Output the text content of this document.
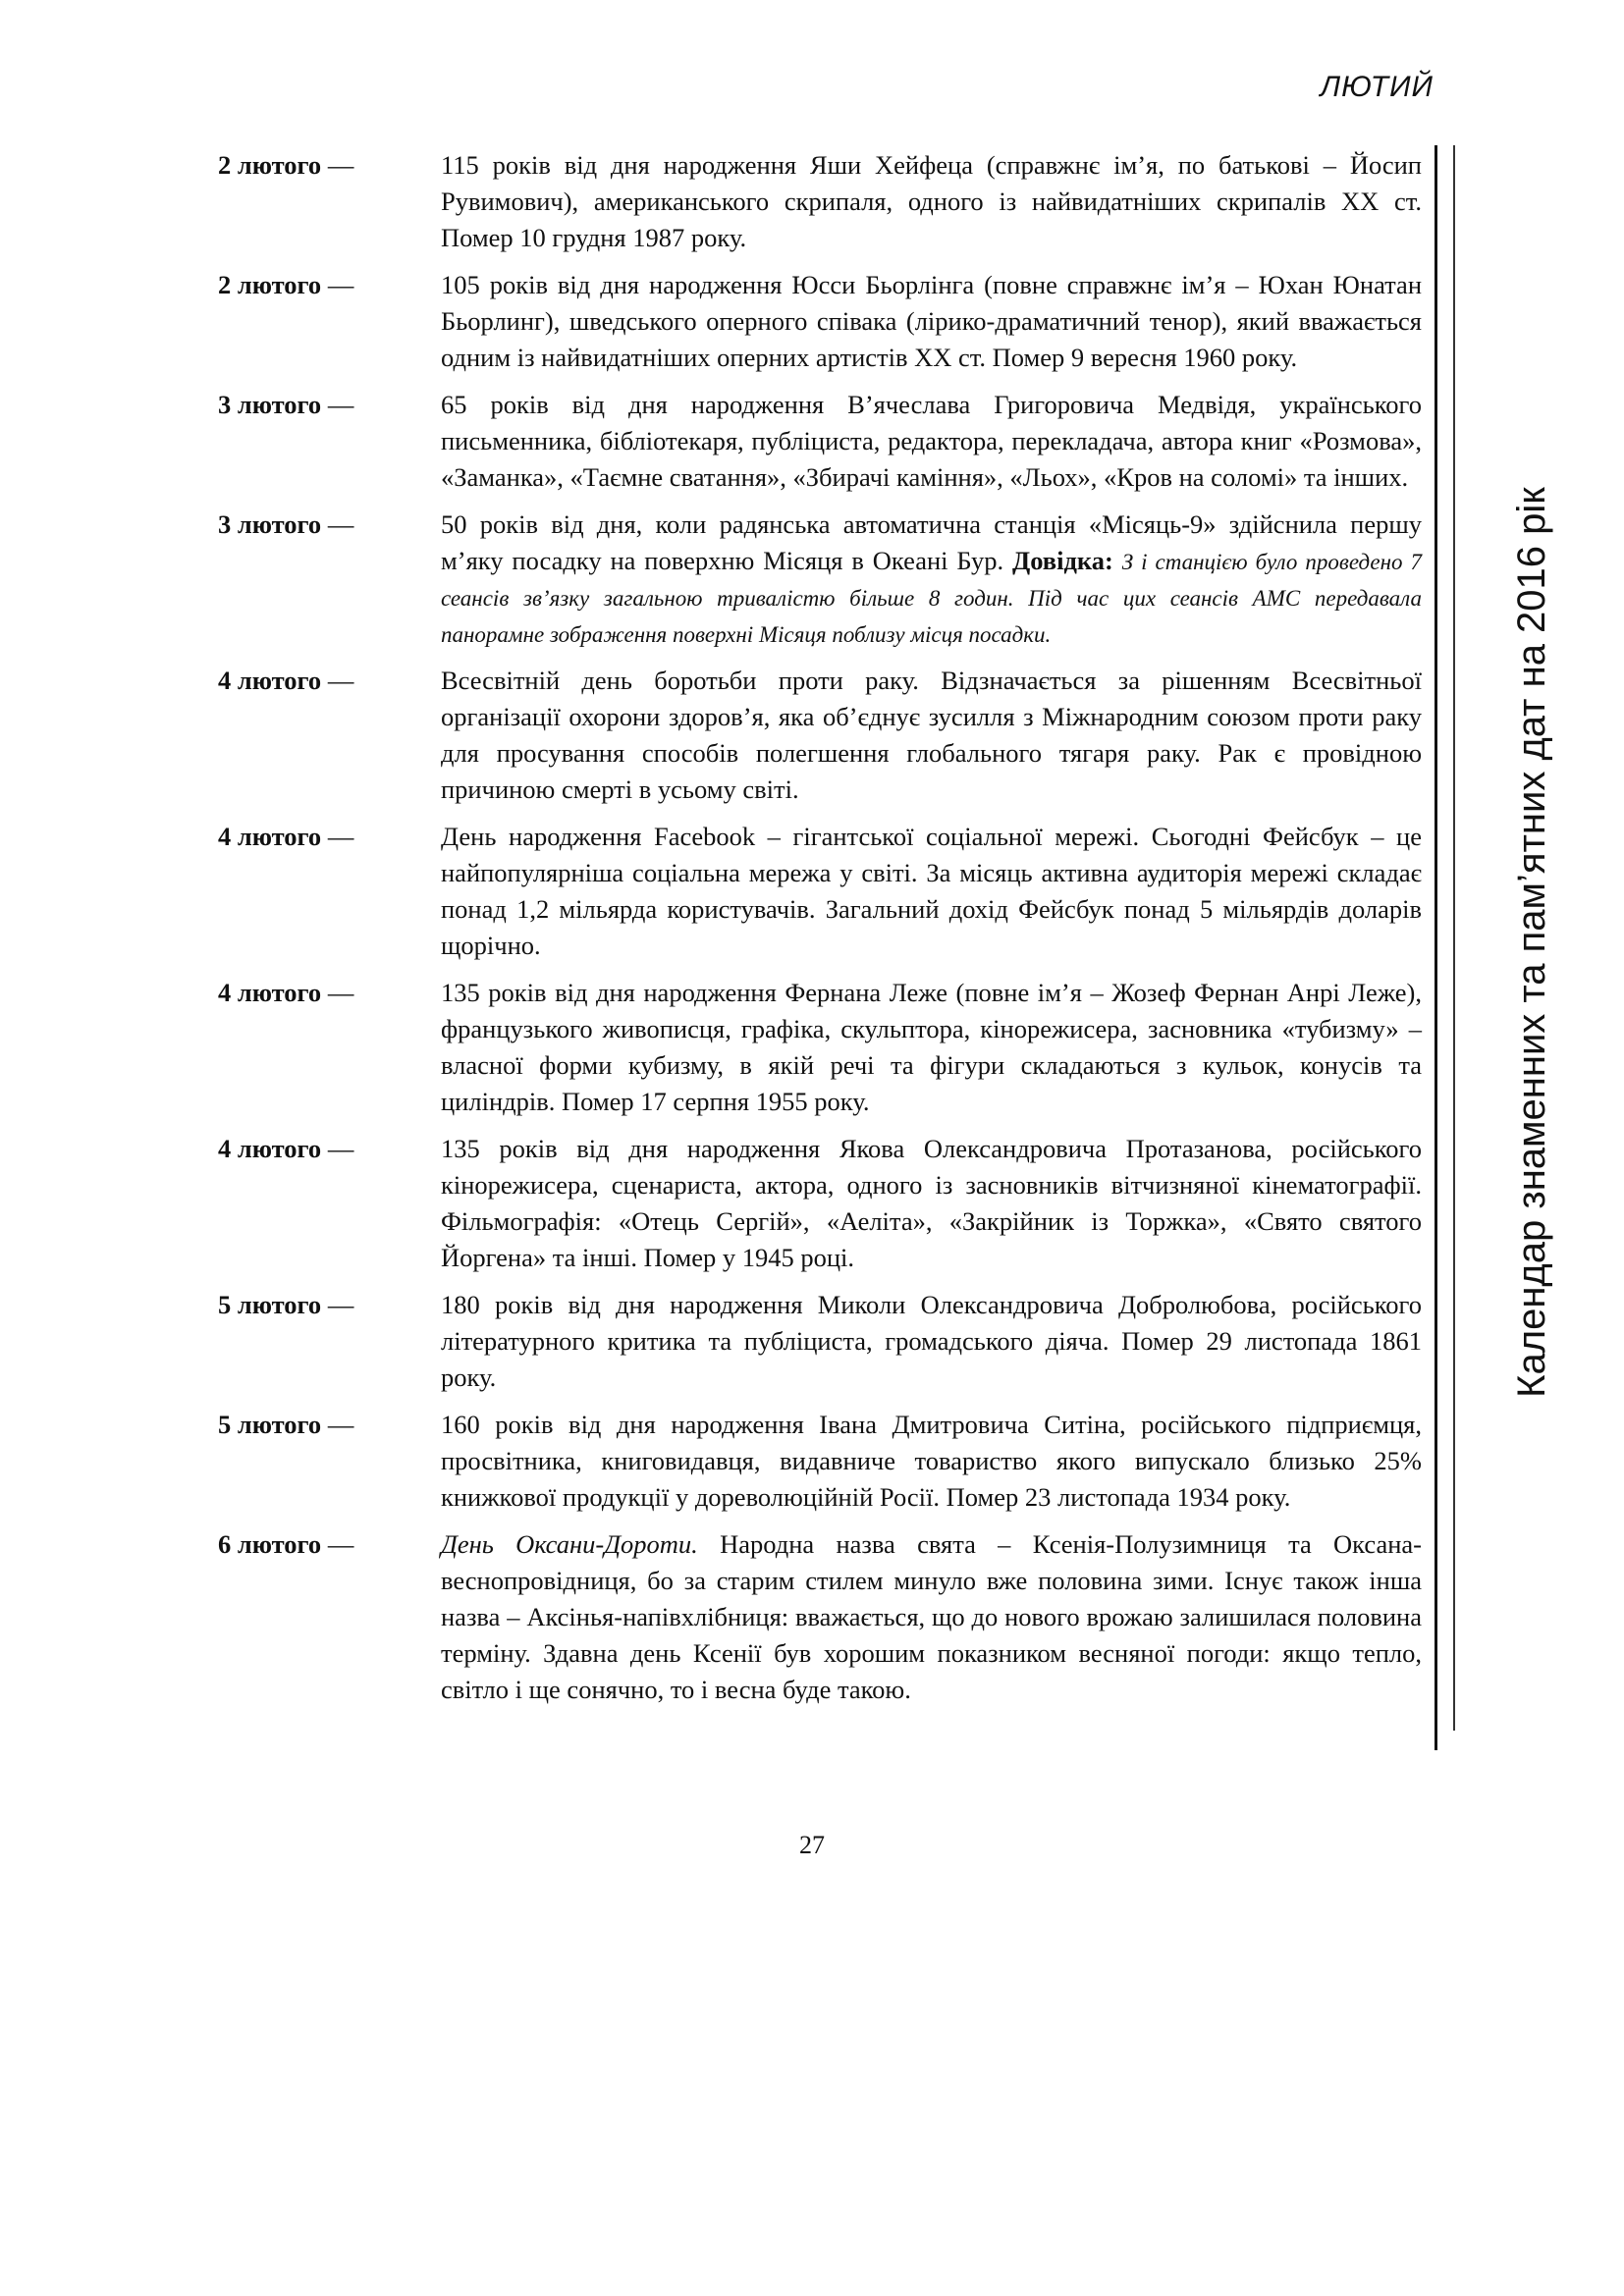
ЛЮТИЙ
2 лютого —	115 років від дня народження Яши Хейфеца (справжнє ім’я, по батькові – Йосип Рувимович), американського скрипаля, одного із найвидатніших скрипалів XX ст. Помер 10 грудня 1987 року.
2 лютого —	105 років від дня народження Юсси Бьорлінга (повне справжнє ім’я – Юхан Юнатан Бьорлинг), шведського оперного співака (лірико-драматичний тенор), який вважається одним із найвидатніших оперних артистів XX ст. Помер 9 вересня 1960 року.
3 лютого —	65 років від дня народження В’ячеслава Григоровича Медвідя, українського письменника, бібліотекаря, публіциста, редактора, перекладача, автора книг «Розмова», «Заманка», «Таємне сватання», «Збирачі каміння», «Льох», «Кров на соломі» та інших.
3 лютого —	50 років від дня, коли радянська автоматична станція «Місяць-9» здійснила першу м’яку посадку на поверхню Місяця в Океані Бур. Довідка: З і станцією було проведено 7 сеансів зв’язку загальною тривалістю більше 8 годин. Під час цих сеансів АМС передавала панорамне зображення поверхні Місяця поблизу місця посадки.
4 лютого —	Всесвітній день боротьби проти раку. Відзначається за рішенням Всесвітньої організації охорони здоров’я, яка об’єднує зусилля з Міжнародним союзом проти раку для просування способів полегшення глобального тягаря раку. Рак є провідною причиною смерті в усьому світі.
4 лютого —	День народження Facebook – гігантської соціальної мережі. Сьогодні Фейсбук – це найпопулярніша соціальна мережа у світі. За місяць активна аудиторія мережі складає понад 1,2 мільярда користувачів. Загальний дохід Фейсбук понад 5 мільярдів доларів щорічно.
4 лютого —	135 років від дня народження Фернана Леже (повне ім’я – Жозеф Фернан Анрі Леже), французького живописця, графіка, скульптора, кінорежисера, засновника «тубизму» – власної форми кубизму, в якій речі та фігури складаються з кульок, конусів та циліндрів. Помер 17 серпня 1955 року.
4 лютого —	135 років від дня народження Якова Олександровича Протазанова, російського кінорежисера, сценариста, актора, одного із засновників вітчизняної кінематографії. Фільмографія: «Отець Сергій», «Аеліта», «Закрійник із Торжка», «Свято святого Йоргена» та інші. Помер у 1945 році.
5 лютого —	180 років від дня народження Миколи Олександровича Добролюбова, російського літературного критика та публіциста, громадського діяча. Помер 29 листопада 1861 року.
5 лютого —	160 років від дня народження Івана Дмитровича Ситіна, російського підприємця, просвітника, книговидавця, видавниче товариство якого випускало близько 25% книжкової продукції у дореволюційній Росії. Помер 23 листопада 1934 року.
6 лютого —	День Оксани-Дороти. Народна назва свята – Ксенія-Полузимниця та Оксана-веснопровідниця, бо за старим стилем минуло вже половина зими. Існує також інша назва – Аксінья-напівхлібниця: вважається, що до нового врожаю залишилася половина терміну. Здавна день Ксенії був хорошим показником весняної погоди: якщо тепло, світло і ще сонячно, то і весна буде такою.
Календар знаменних та пам’ятних дат на 2016 рік
27
